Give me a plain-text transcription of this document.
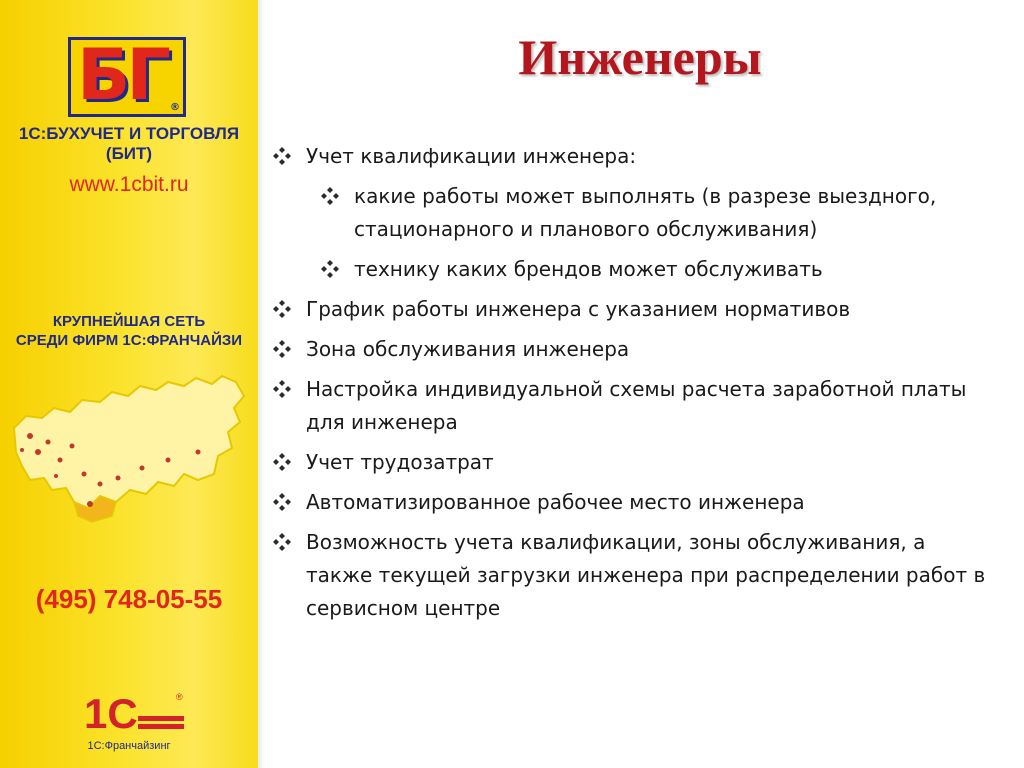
БГ ®
1С:БУХУЧЕТ И ТОРГОВЛЯ
(БИТ)
www.1cbit.ru
КРУПНЕЙШАЯ СЕТЬ
СРЕДИ ФИРМ 1С:ФРАНЧАЙЗИ
(495) 748-05-55
1С	®
1С:Франчайзинг
Инженеры
Учет квалификации инженера:
какие работы может выполнять (в разрезе выездного, стационарного и планового обслуживания)
технику каких брендов может обслуживать
График работы инженера с указанием нормативов
Зона обслуживания инженера
Настройка индивидуальной схемы расчета заработной платы для инженера
Учет трудозатрат
Автоматизированное рабочее место инженера
Возможность учета квалификации, зоны обслуживания, а также текущей загрузки инженера при распределении работ в сервисном центре
